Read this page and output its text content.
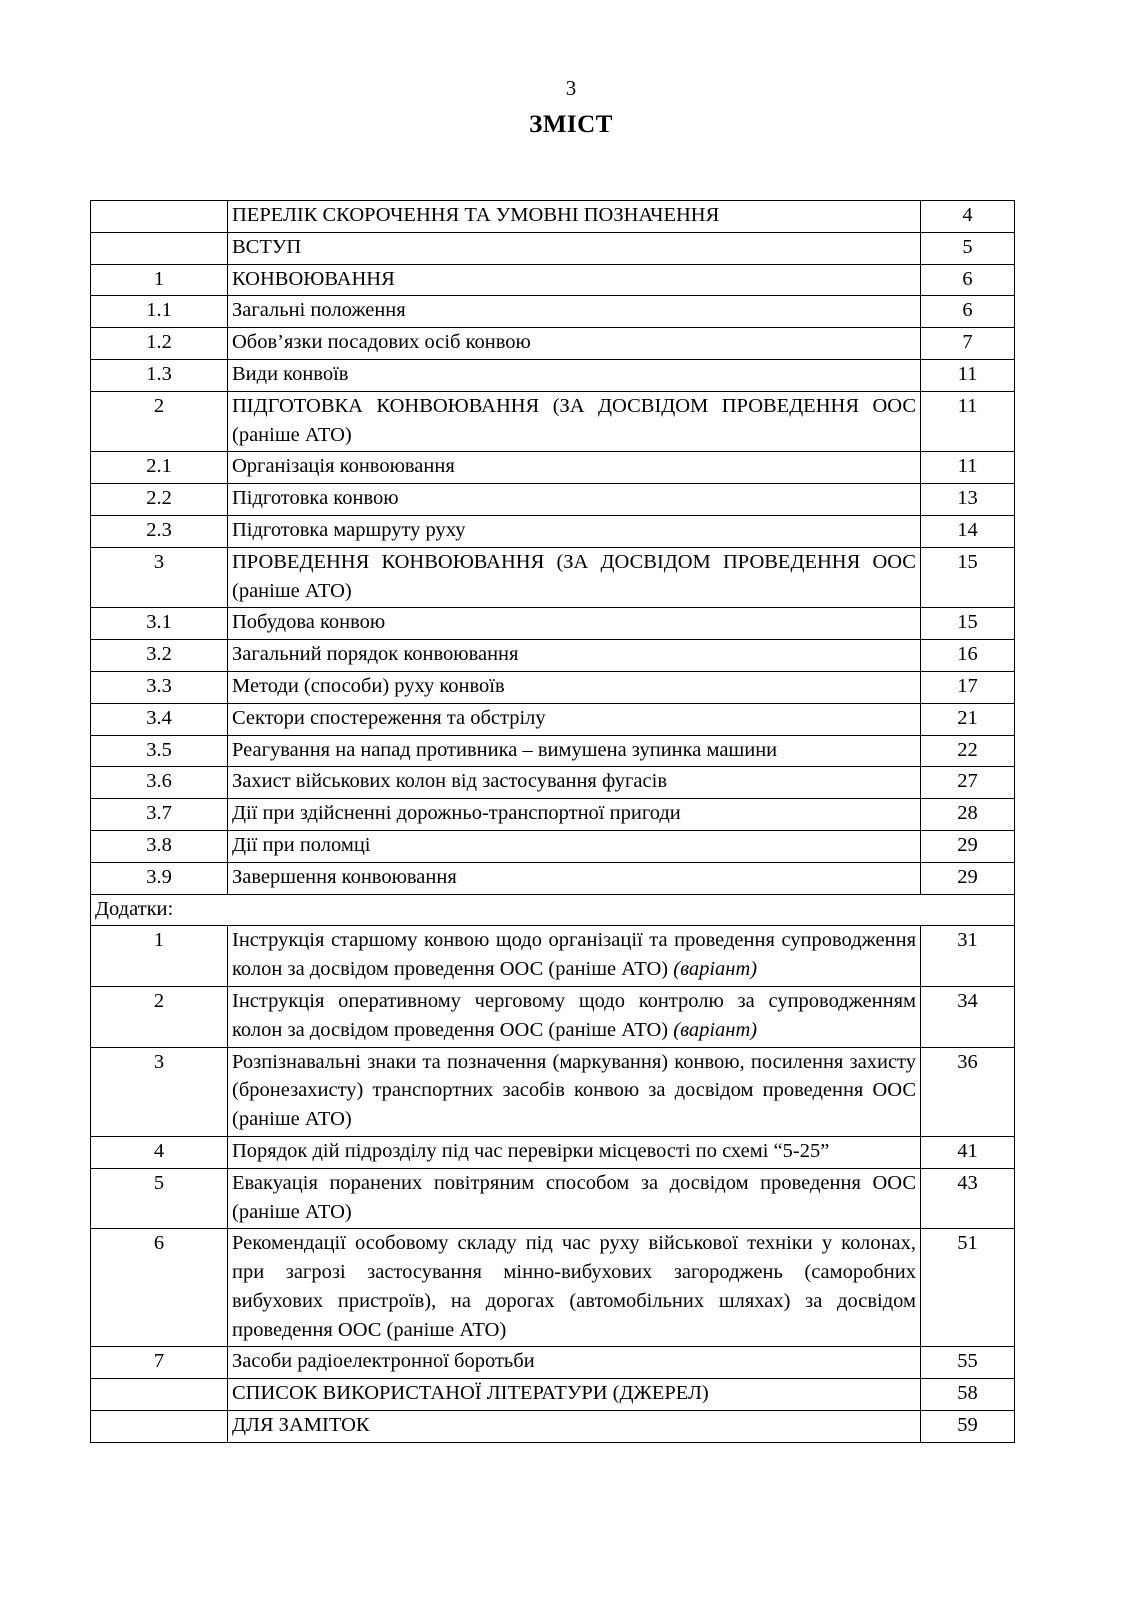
3
ЗМІСТ
	ПЕРЕЛІК СКОРОЧЕННЯ ТА УМОВНІ ПОЗНАЧЕННЯ	4
	ВСТУП	5
1	КОНВОЮВАННЯ	6
1.1	Загальні положення	6
1.2	Обов’язки посадових осіб конвою	7
1.3	Види конвоїв	11
2	ПІДГОТОВКА КОНВОЮВАННЯ (ЗА ДОСВІДОМ ПРОВЕДЕННЯ ООС (раніше АТО)	11
2.1	Організація конвоювання	11
2.2	Підготовка конвою	13
2.3	Підготовка маршруту руху	14
3	ПРОВЕДЕННЯ КОНВОЮВАННЯ (ЗА ДОСВІДОМ ПРОВЕДЕННЯ ООС (раніше АТО)	15
3.1	Побудова конвою	15
3.2	Загальний порядок конвоювання	16
3.3	Методи (способи) руху конвоїв	17
3.4	Сектори спостереження та обстрілу	21
3.5	Реагування на напад противника – вимушена зупинка машини	22
3.6	Захист військових колон від застосування фугасів	27
3.7	Дії при здійсненні дорожньо-транспортної пригоди	28
3.8	Дії при поломці	29
3.9	Завершення конвоювання	29
Додатки:		
1	Інструкція старшому конвою щодо організації та проведення супроводження колон за досвідом проведення ООС (раніше АТО) (варіант)	31
2	Інструкція оперативному черговому щодо контролю за супроводженням колон за досвідом проведення ООС (раніше АТО) (варіант)	34
3	Розпізнавальні знаки та позначення (маркування) конвою, посилення захисту (бронезахисту) транспортних засобів конвою за досвідом проведення ООС (раніше АТО)	36
4	Порядок дій підрозділу під час перевірки місцевості по схемі “5-25”	41
5	Евакуація поранених повітряним способом за досвідом проведення ООС (раніше АТО)	43
6	Рекомендації особовому складу під час руху військової техніки у колонах, при загрозі застосування мінно-вибухових загороджень (саморобних вибухових пристроїв), на дорогах (автомобільних шляхах) за досвідом проведення ООС (раніше АТО)	51
7	Засоби радіоелектронної боротьби	55
	СПИСОК ВИКОРИСТАНОЇ ЛІТЕРАТУРИ (ДЖЕРЕЛ)	58
	ДЛЯ ЗАМІТОК	59
